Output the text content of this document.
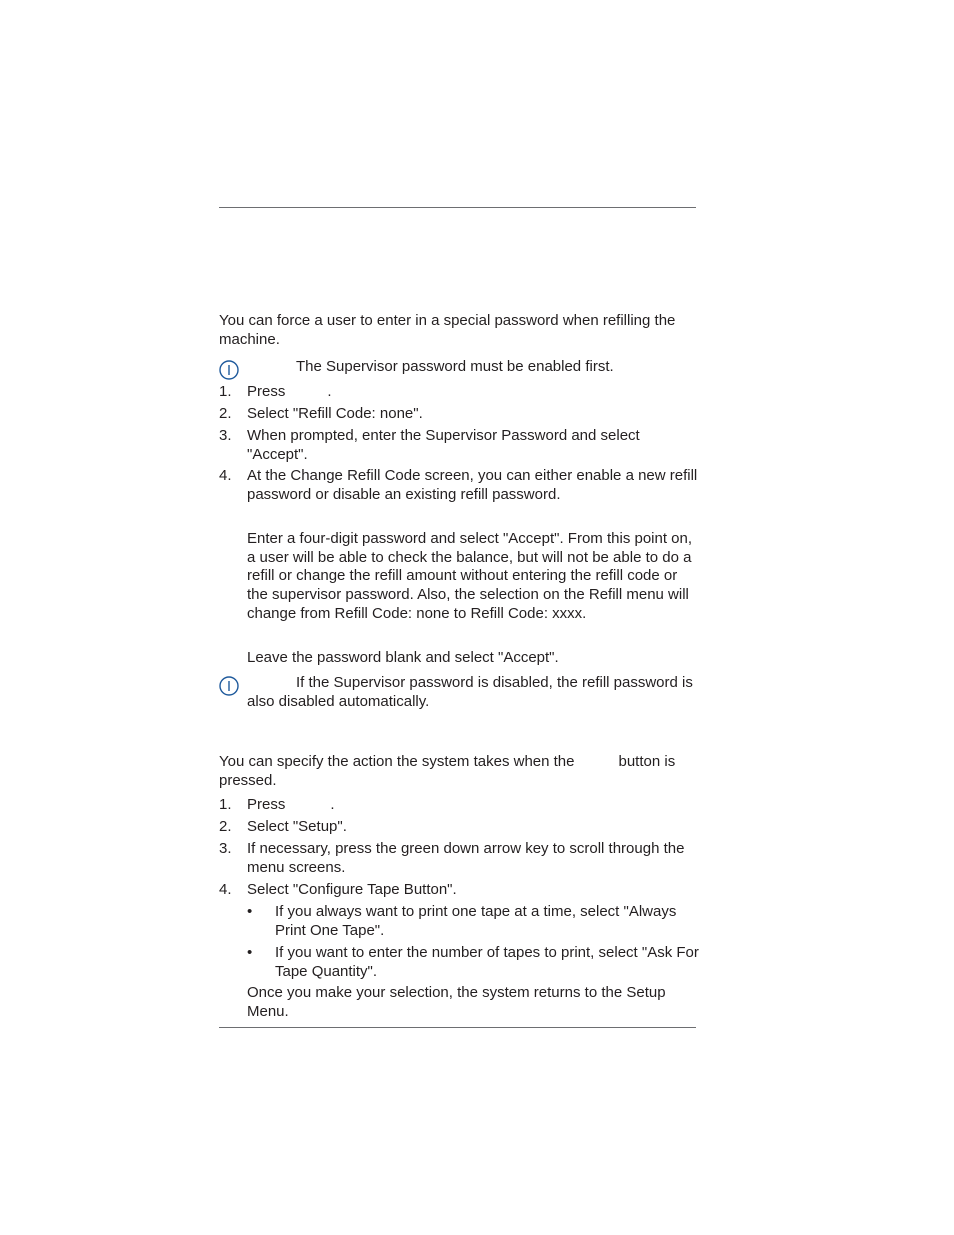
You can force a user to enter in a special password when refilling the machine.

The Supervisor password must be enabled first.
1. Press	.
2. Select "Refill Code: none".
3. When prompted, enter the Supervisor Password and select "Accept".
4. At the Change Refill Code screen, you can either enable a new refill password or disable an existing refill password.

Enter a four-digit password and select "Accept". From this point on, a user will be able to check the balance, but will not be able to do a refill or change the refill amount without entering the refill code or the supervisor password. Also, the selection on the Refill menu will change from Refill Code: none to Refill Code: xxxx.

Leave the password blank and select "Accept".

If the Supervisor password is disabled, the refill password is also disabled automatically.

You can specify the action the system takes when the	button is pressed.

1. Press	.
2. Select "Setup".
3. If necessary, press the green down arrow key to scroll through the menu screens.
4. Select "Configure Tape Button".
• If you always want to print one tape at a time, select "Always Print One Tape".
• If you want to enter the number of tapes to print, select "Ask For Tape Quantity".

Once you make your selection, the system returns to the Setup Menu.
